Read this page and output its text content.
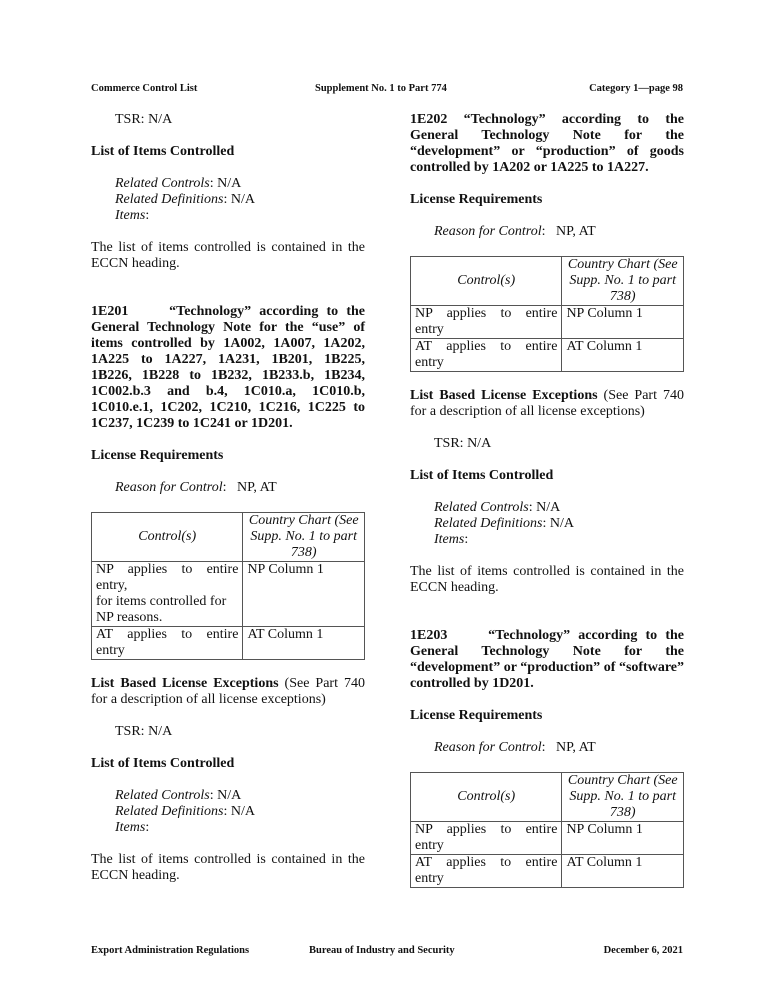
Commerce Control List	Supplement No. 1 to Part 774	Category 1—page 98

TSR: N/A

List of Items Controlled

Related Controls: N/A

Related Definitions: N/A

Items:

The list of items controlled is contained in the ECCN heading.

1E201     “Technology” according to the General Technology Note for the “use” of items controlled by 1A002, 1A007, 1A202, 1A225 to 1A227, 1A231, 1B201, 1B225, 1B226, 1B228 to 1B232, 1B233.b, 1B234, 1C002.b.3 and b.4, 1C010.a, 1C010.b, 1C010.e.1, 1C202, 1C210, 1C216, 1C225 to 1C237, 1C239 to 1C241 or 1D201.

License Requirements

Reason for Control:   NP, AT

Control(s)	Country Chart (See Supp. No. 1 to part 738)

NP applies to entire
entry,
for items controlled for
NP reasons.	NP Column 1

AT applies to entire
entry	AT Column 1

List Based License Exceptions (See Part 740 for a description of all license exceptions)

TSR: N/A

List of Items Controlled

Related Controls: N/A

Related Definitions: N/A

Items:

The list of items controlled is contained in the ECCN heading.

1E202 “Technology” according to the General Technology Note for the “development” or “production” of goods controlled by 1A202 or 1A225 to 1A227.

License Requirements

Reason for Control:   NP, AT

Control(s)	Country Chart (See Supp. No. 1 to part 738)

NP applies to entire
entry	NP Column 1

AT applies to entire
entry	AT Column 1

List Based License Exceptions (See Part 740 for a description of all license exceptions)

TSR: N/A

List of Items Controlled

Related Controls: N/A

Related Definitions: N/A

Items:

The list of items controlled is contained in the ECCN heading.

1E203     “Technology” according to the General Technology Note for the “development” or “production” of “software” controlled by 1D201.

License Requirements

Reason for Control:   NP, AT

Control(s)	Country Chart (See Supp. No. 1 to part 738)

NP applies to entire
entry	NP Column 1

AT applies to entire
entry	AT Column 1
Export Administration Regulations	Bureau of Industry and Security	December 6, 2021
